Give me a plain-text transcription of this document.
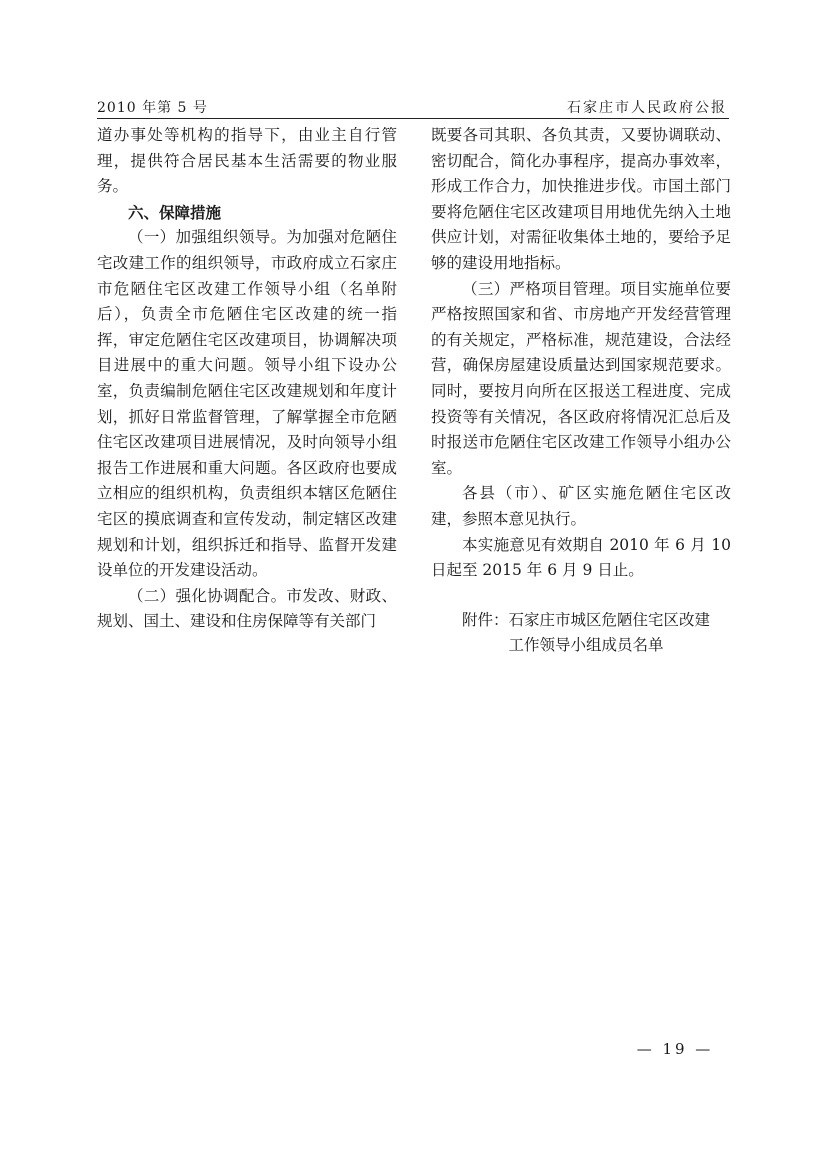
2010 年第 5 号	石家庄市人民政府公报

道办事处等机构的指导下，由业主自行管理，提供符合居民基本生活需要的物业服务。

六、保障措施

（一）加强组织领导。为加强对危陋住宅改建工作的组织领导，市政府成立石家庄市危陋住宅区改建工作领导小组（名单附后），负责全市危陋住宅区改建的统一指挥，审定危陋住宅区改建项目，协调解决项目进展中的重大问题。领导小组下设办公室，负责编制危陋住宅区改建规划和年度计划，抓好日常监督管理，了解掌握全市危陋住宅区改建项目进展情况，及时向领导小组报告工作进展和重大问题。各区政府也要成立相应的组织机构，负责组织本辖区危陋住宅区的摸底调查和宣传发动，制定辖区改建规划和计划，组织拆迁和指导、监督开发建设单位的开发建设活动。

（二）强化协调配合。市发改、财政、规划、国土、建设和住房保障等有关部门

既要各司其职、各负其责，又要协调联动、密切配合，简化办事程序，提高办事效率，形成工作合力，加快推进步伐。市国土部门要将危陋住宅区改建项目用地优先纳入土地供应计划，对需征收集体土地的，要给予足够的建设用地指标。

（三）严格项目管理。项目实施单位要严格按照国家和省、市房地产开发经营管理的有关规定，严格标准，规范建设，合法经营，确保房屋建设质量达到国家规范要求。同时，要按月向所在区报送工程进度、完成投资等有关情况，各区政府将情况汇总后及时报送市危陋住宅区改建工作领导小组办公室。

各县（市）、矿区实施危陋住宅区改建，参照本意见执行。

本实施意见有效期自 2010 年 6 月 10 日起至 2015 年 6 月 9 日止。

附件：石家庄市城区危陋住宅区改建

工作领导小组成员名单

— 19 —
